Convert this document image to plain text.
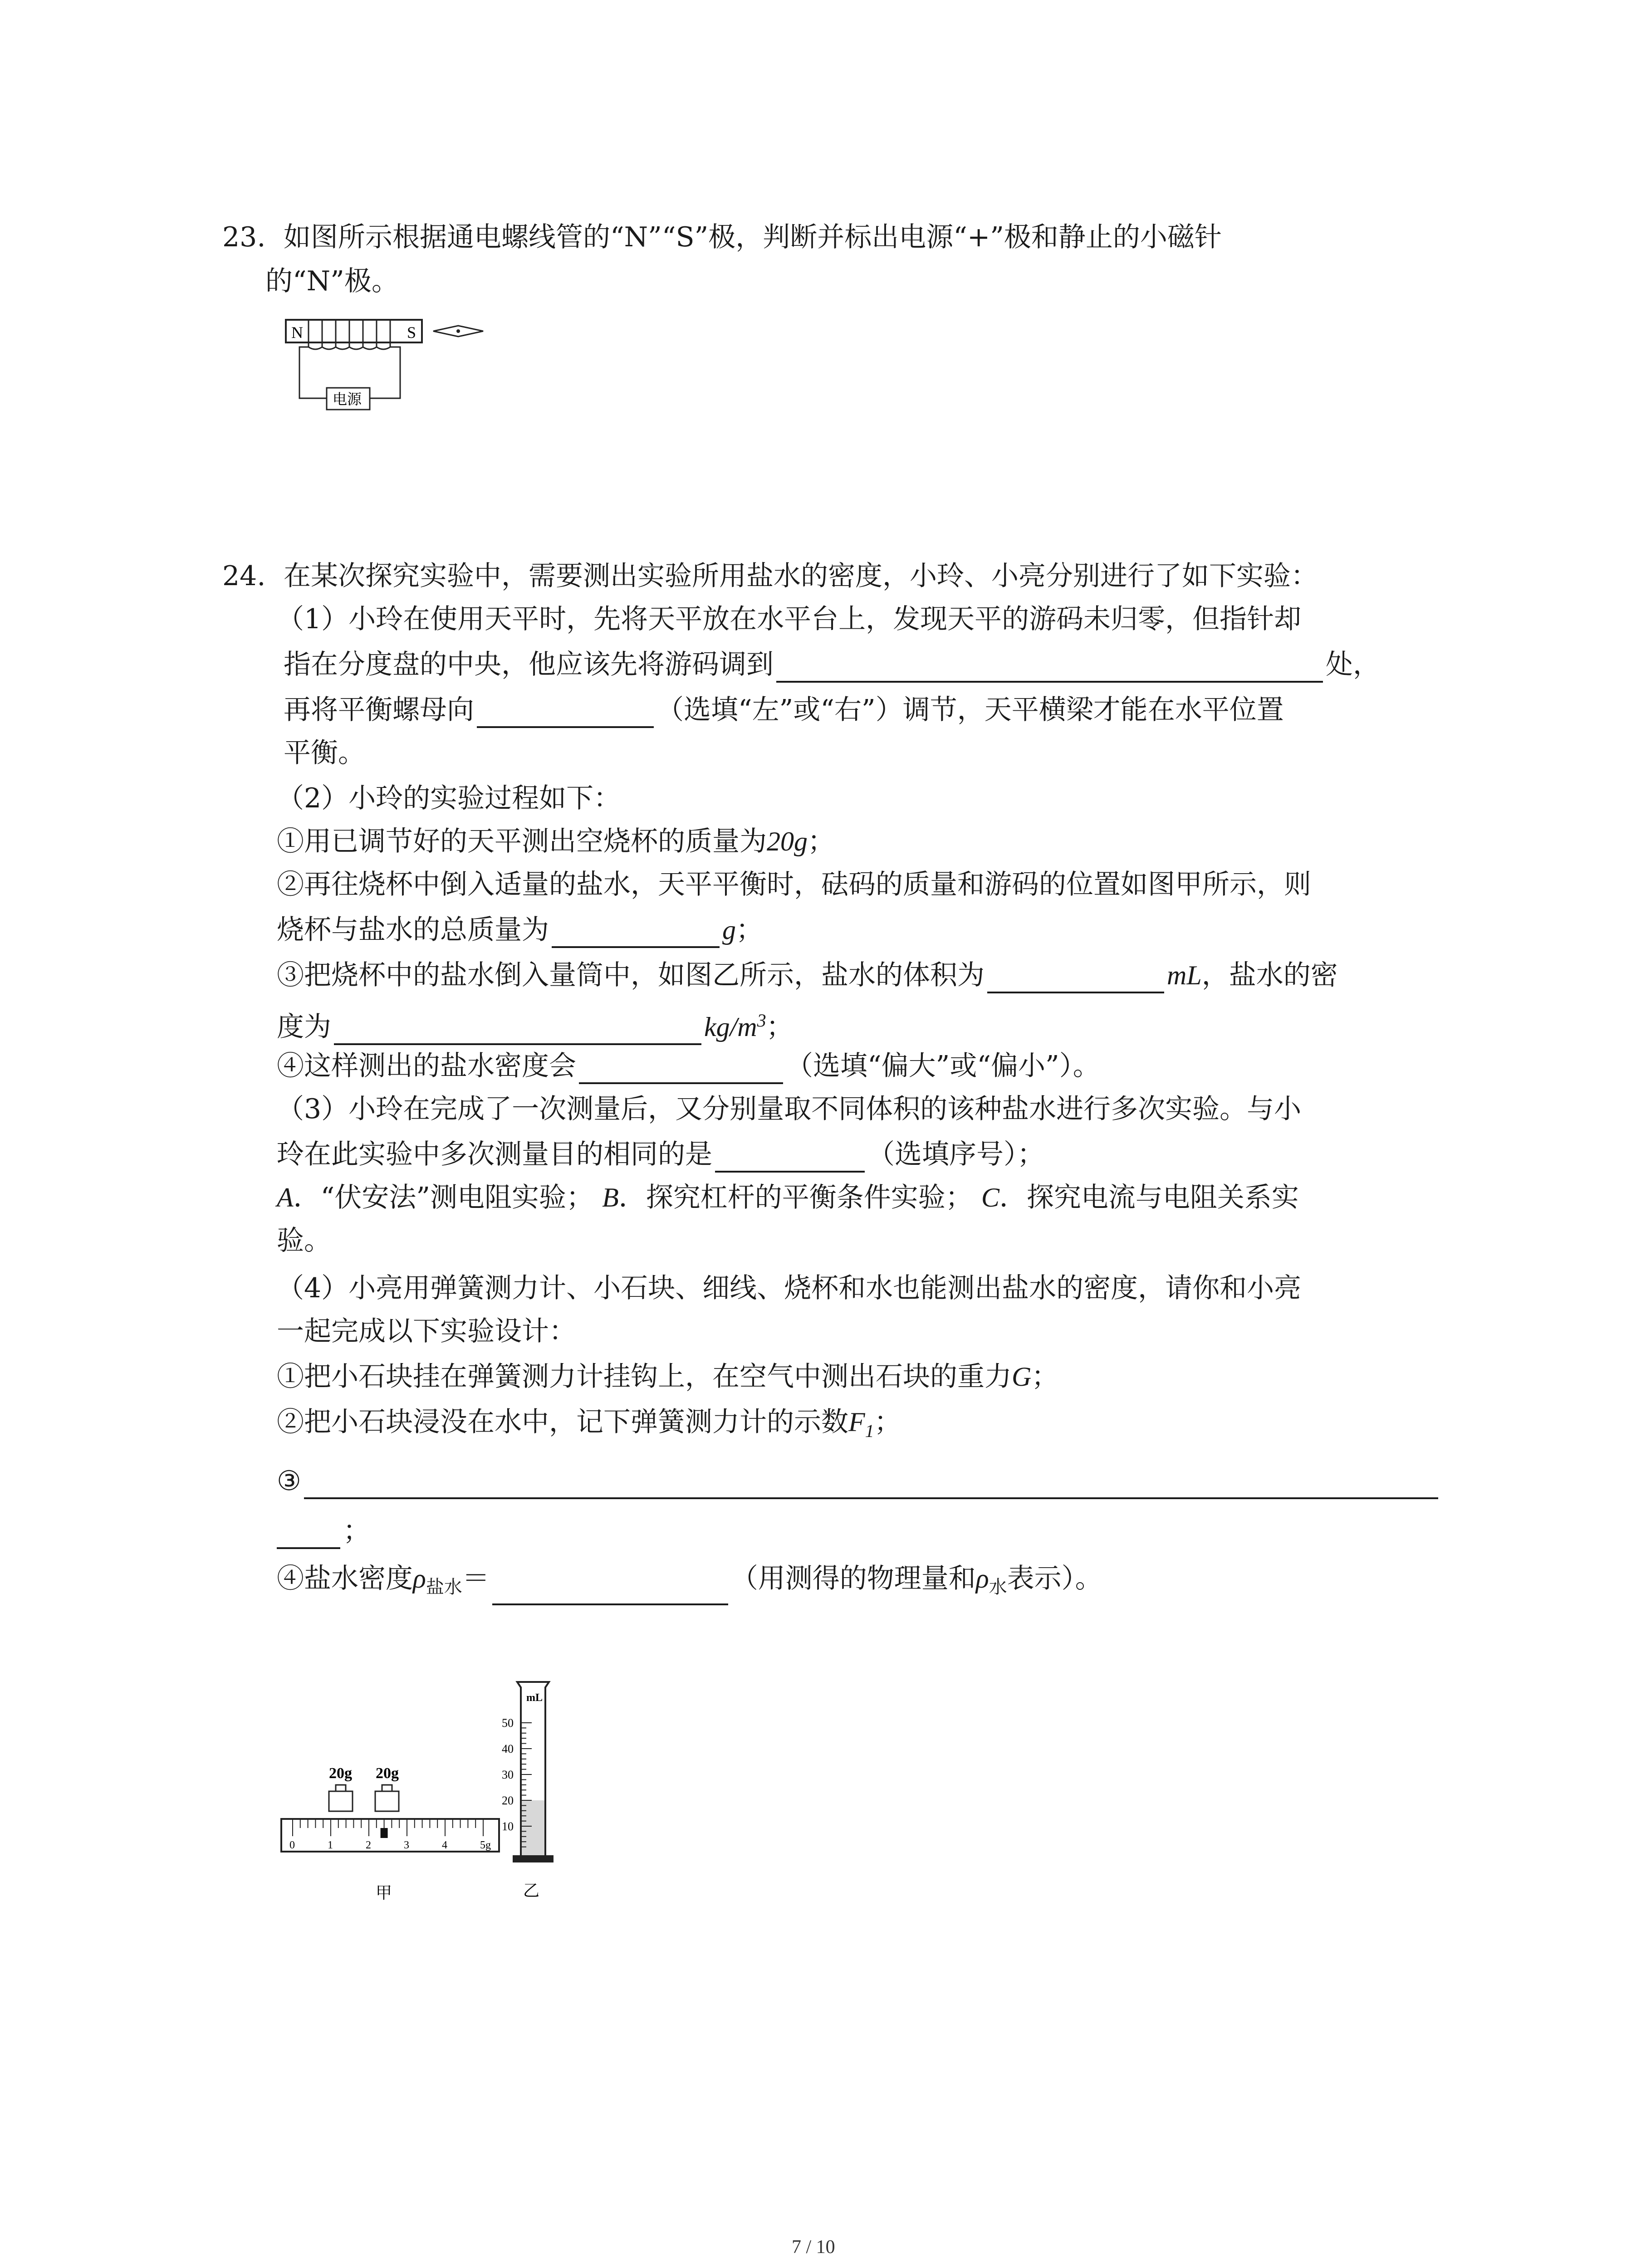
23. 如图所示根据通电螺线管的“N”“S”极，判断并标出电源“+”极和静止的小磁针
的“N”极。
N	S
电源
24. 在某次探究实验中，需要测出实验所用盐水的密度，小玲、小亮分别进行了如下实验：
（1）小玲在使用天平时，先将天平放在水平台上，发现天平的游码未归零，但指针却
指在分度盘的中央，他应该先将游码调到	处，
再将平衡螺母向	（选填“左”或“右”）调节，天平横梁才能在水平位置
平衡。
（2）小玲的实验过程如下：
①用已调节好的天平测出空烧杯的质量为20g；
②再往烧杯中倒入适量的盐水，天平平衡时，砝码的质量和游码的位置如图甲所示，则
烧杯与盐水的总质量为	g；
③把烧杯中的盐水倒入量筒中，如图乙所示，盐水的体积为	mL，盐水的密
度为	$kg/m^3$；
④这样测出的盐水密度会	（选填“偏大”或“偏小”）。
（3）小玲在完成了一次测量后，又分别量取不同体积的该种盐水进行多次实验。与小
玲在此实验中多次测量目的相同的是	（选填序号）；
A．“伏安法”测电阻实验； B．探究杠杆的平衡条件实验； C．探究电流与电阻关系实
验。
（4）小亮用弹簧测力计、小石块、细线、烧杯和水也能测出盐水的密度，请你和小亮
一起完成以下实验设计：
①把小石块挂在弹簧测力计挂钩上，在空气中测出石块的重力G；
②把小石块浸没在水中，记下弹簧测力计的示数$F_1$；
③
；
④盐水密度$\rho_{盐水}=$	（用测得的物理量和$\rho_水$表示）。
20g 20g
0	1	2	3	4	5g
甲
mL
50
40
30
20
10
乙
7 / 10
